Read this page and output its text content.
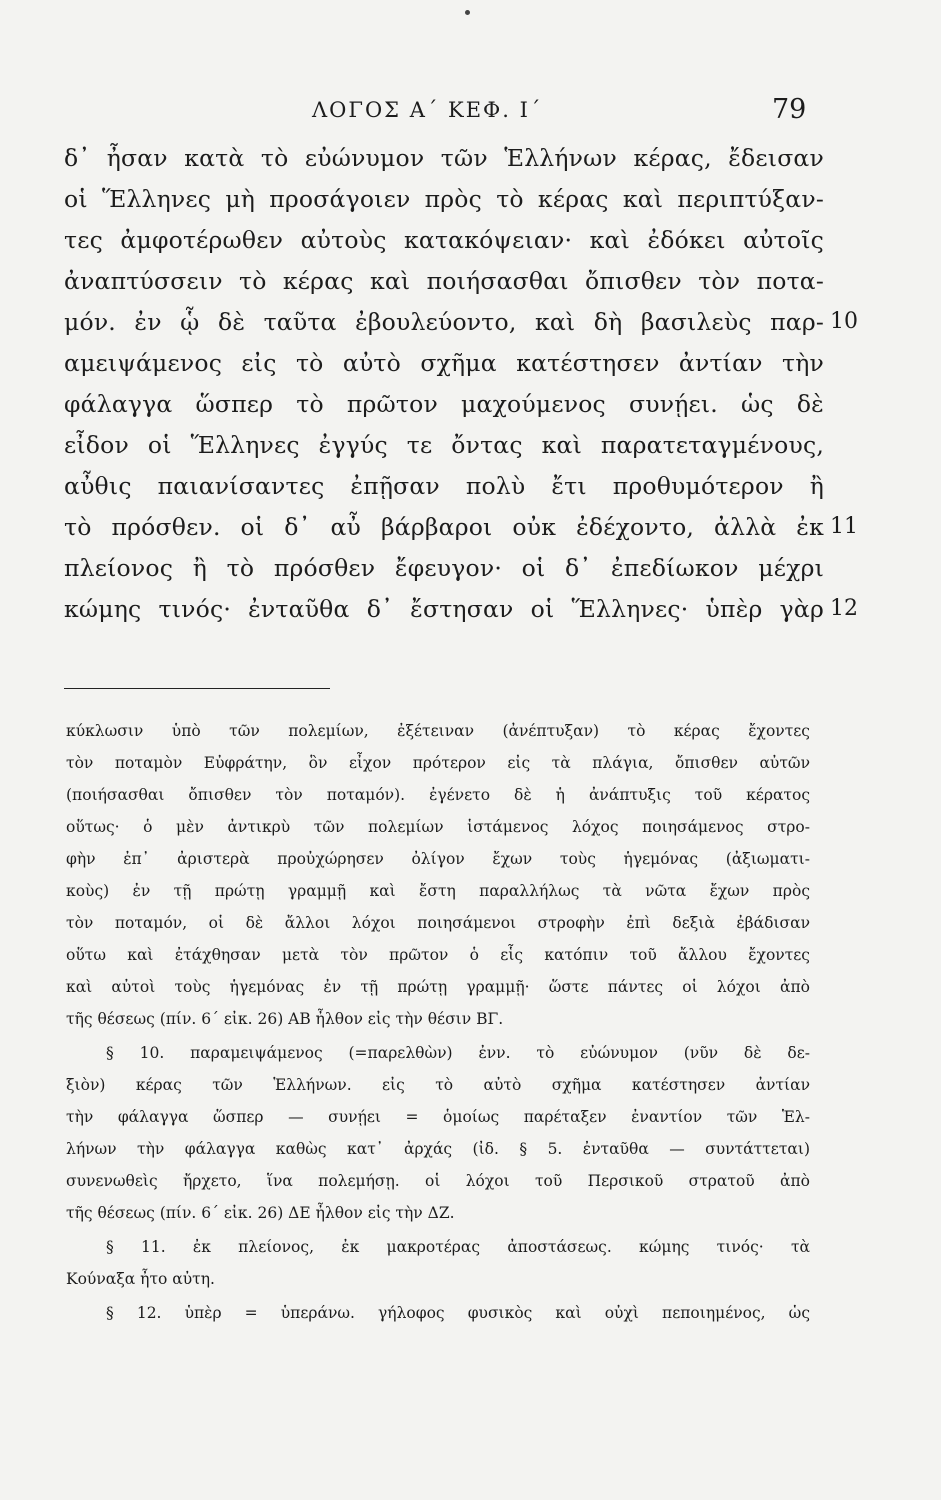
ΛΟΓΟΣ Α΄ ΚΕΦ. Ι΄	79
δ᾽ ἦσαν κατὰ τὸ εὐώνυμον τῶν Ἑλλήνων κέρας, ἔδεισαν
οἱ Ἕλληνες μὴ προσάγοιεν πρὸς τὸ κέρας καὶ περιπτύξαν-
τες ἀμφοτέρωθεν αὐτοὺς κατακόψειαν· καὶ ἐδόκει αὐτοῖς
ἀναπτύσσειν τὸ κέρας καὶ ποιήσασθαι ὄπισθεν τὸν ποτα-
μόν. ἐν ᾧ δὲ ταῦτα ἐβουλεύοντο, καὶ δὴ βασιλεὺς παρ-
αμειψάμενος εἰς τὸ αὐτὸ σχῆμα κατέστησεν ἀντίαν τὴν
φάλαγγα ὥσπερ τὸ πρῶτον μαχούμενος συνῄει. ὡς δὲ
εἶδον οἱ Ἕλληνες ἐγγύς τε ὄντας καὶ παρατεταγμένους,
αὖθις παιανίσαντες ἐπῇσαν πολὺ ἔτι προθυμότερον ἢ
τὸ πρόσθεν. οἱ δ᾽ αὖ βάρβαροι οὐκ ἐδέχοντο, ἀλλὰ ἐκ
πλείονος ἢ τὸ πρόσθεν ἔφευγον· οἱ δ᾽ ἐπεδίωκον μέχρι
κώμης τινός· ἐνταῦθα δ᾽ ἔστησαν οἱ Ἕλληνες· ὑπὲρ γὰρ
10
11
12
κύκλωσιν ὑπὸ τῶν πολεμίων, ἐξέτειναν (ἀνέπτυξαν) τὸ κέρας ἔχοντες
τὸν ποταμὸν Εὐφράτην, ὃν εἶχον πρότερον εἰς τὰ πλάγια, ὄπισθεν αὐτῶν
(ποιήσασθαι ὄπισθεν τὸν ποταμόν). ἐγένετο δὲ ἡ ἀνάπτυξις τοῦ κέρατος
οὕτως· ὁ μὲν ἀντικρὺ τῶν πολεμίων ἱστάμενος λόχος ποιησάμενος στρο-
φὴν ἐπ᾽ ἀριστερὰ προὐχώρησεν ὀλίγον ἔχων τοὺς ἡγεμόνας (ἀξιωματι-
κοὺς) ἐν τῇ πρώτῃ γραμμῇ καὶ ἔστη παραλλήλως τὰ νῶτα ἔχων πρὸς
τὸν ποταμόν, οἱ δὲ ἄλλοι λόχοι ποιησάμενοι στροφὴν ἐπὶ δεξιὰ ἐβάδισαν
οὕτω καὶ ἐτάχθησαν μετὰ τὸν πρῶτον ὁ εἷς κατόπιν τοῦ ἄλλου ἔχοντες
καὶ αὐτοὶ τοὺς ἡγεμόνας ἐν τῇ πρώτῃ γραμμῇ· ὥστε πάντες οἱ λόχοι ἀπὸ
τῆς θέσεως (πίν. 6΄ εἰκ. 26) ΑΒ ἦλθον εἰς τὴν θέσιν ΒΓ.
§ 10. παραμειψάμενος (=παρελθὼν) ἐνν. τὸ εὐώνυμον (νῦν δὲ δε-
ξιὸν) κέρας τῶν Ἑλλήνων. εἰς τὸ αὐτὸ σχῆμα κατέστησεν ἀντίαν
τὴν φάλαγγα ὥσπερ — συνῄει = ὁμοίως παρέταξεν ἐναντίον τῶν Ἑλ-
λήνων τὴν φάλαγγα καθὼς κατ᾽ ἀρχάς (ἰδ. § 5. ἐνταῦθα — συντάττεται)
συνενωθεὶς ἤρχετο, ἵνα πολεμήσῃ. οἱ λόχοι τοῦ Περσικοῦ στρατοῦ ἀπὸ
τῆς θέσεως (πίν. 6΄ εἰκ. 26) ΔΕ ἦλθον εἰς τὴν ΔΖ.
§ 11. ἐκ πλείονος, ἐκ μακροτέρας ἀποστάσεως. κώμης τινός· τὰ
Κούναξα ἦτο αὐτη.
§ 12. ὑπὲρ = ὑπεράνω. γήλοφος φυσικὸς καὶ οὐχὶ πεποιημένος, ὡς
